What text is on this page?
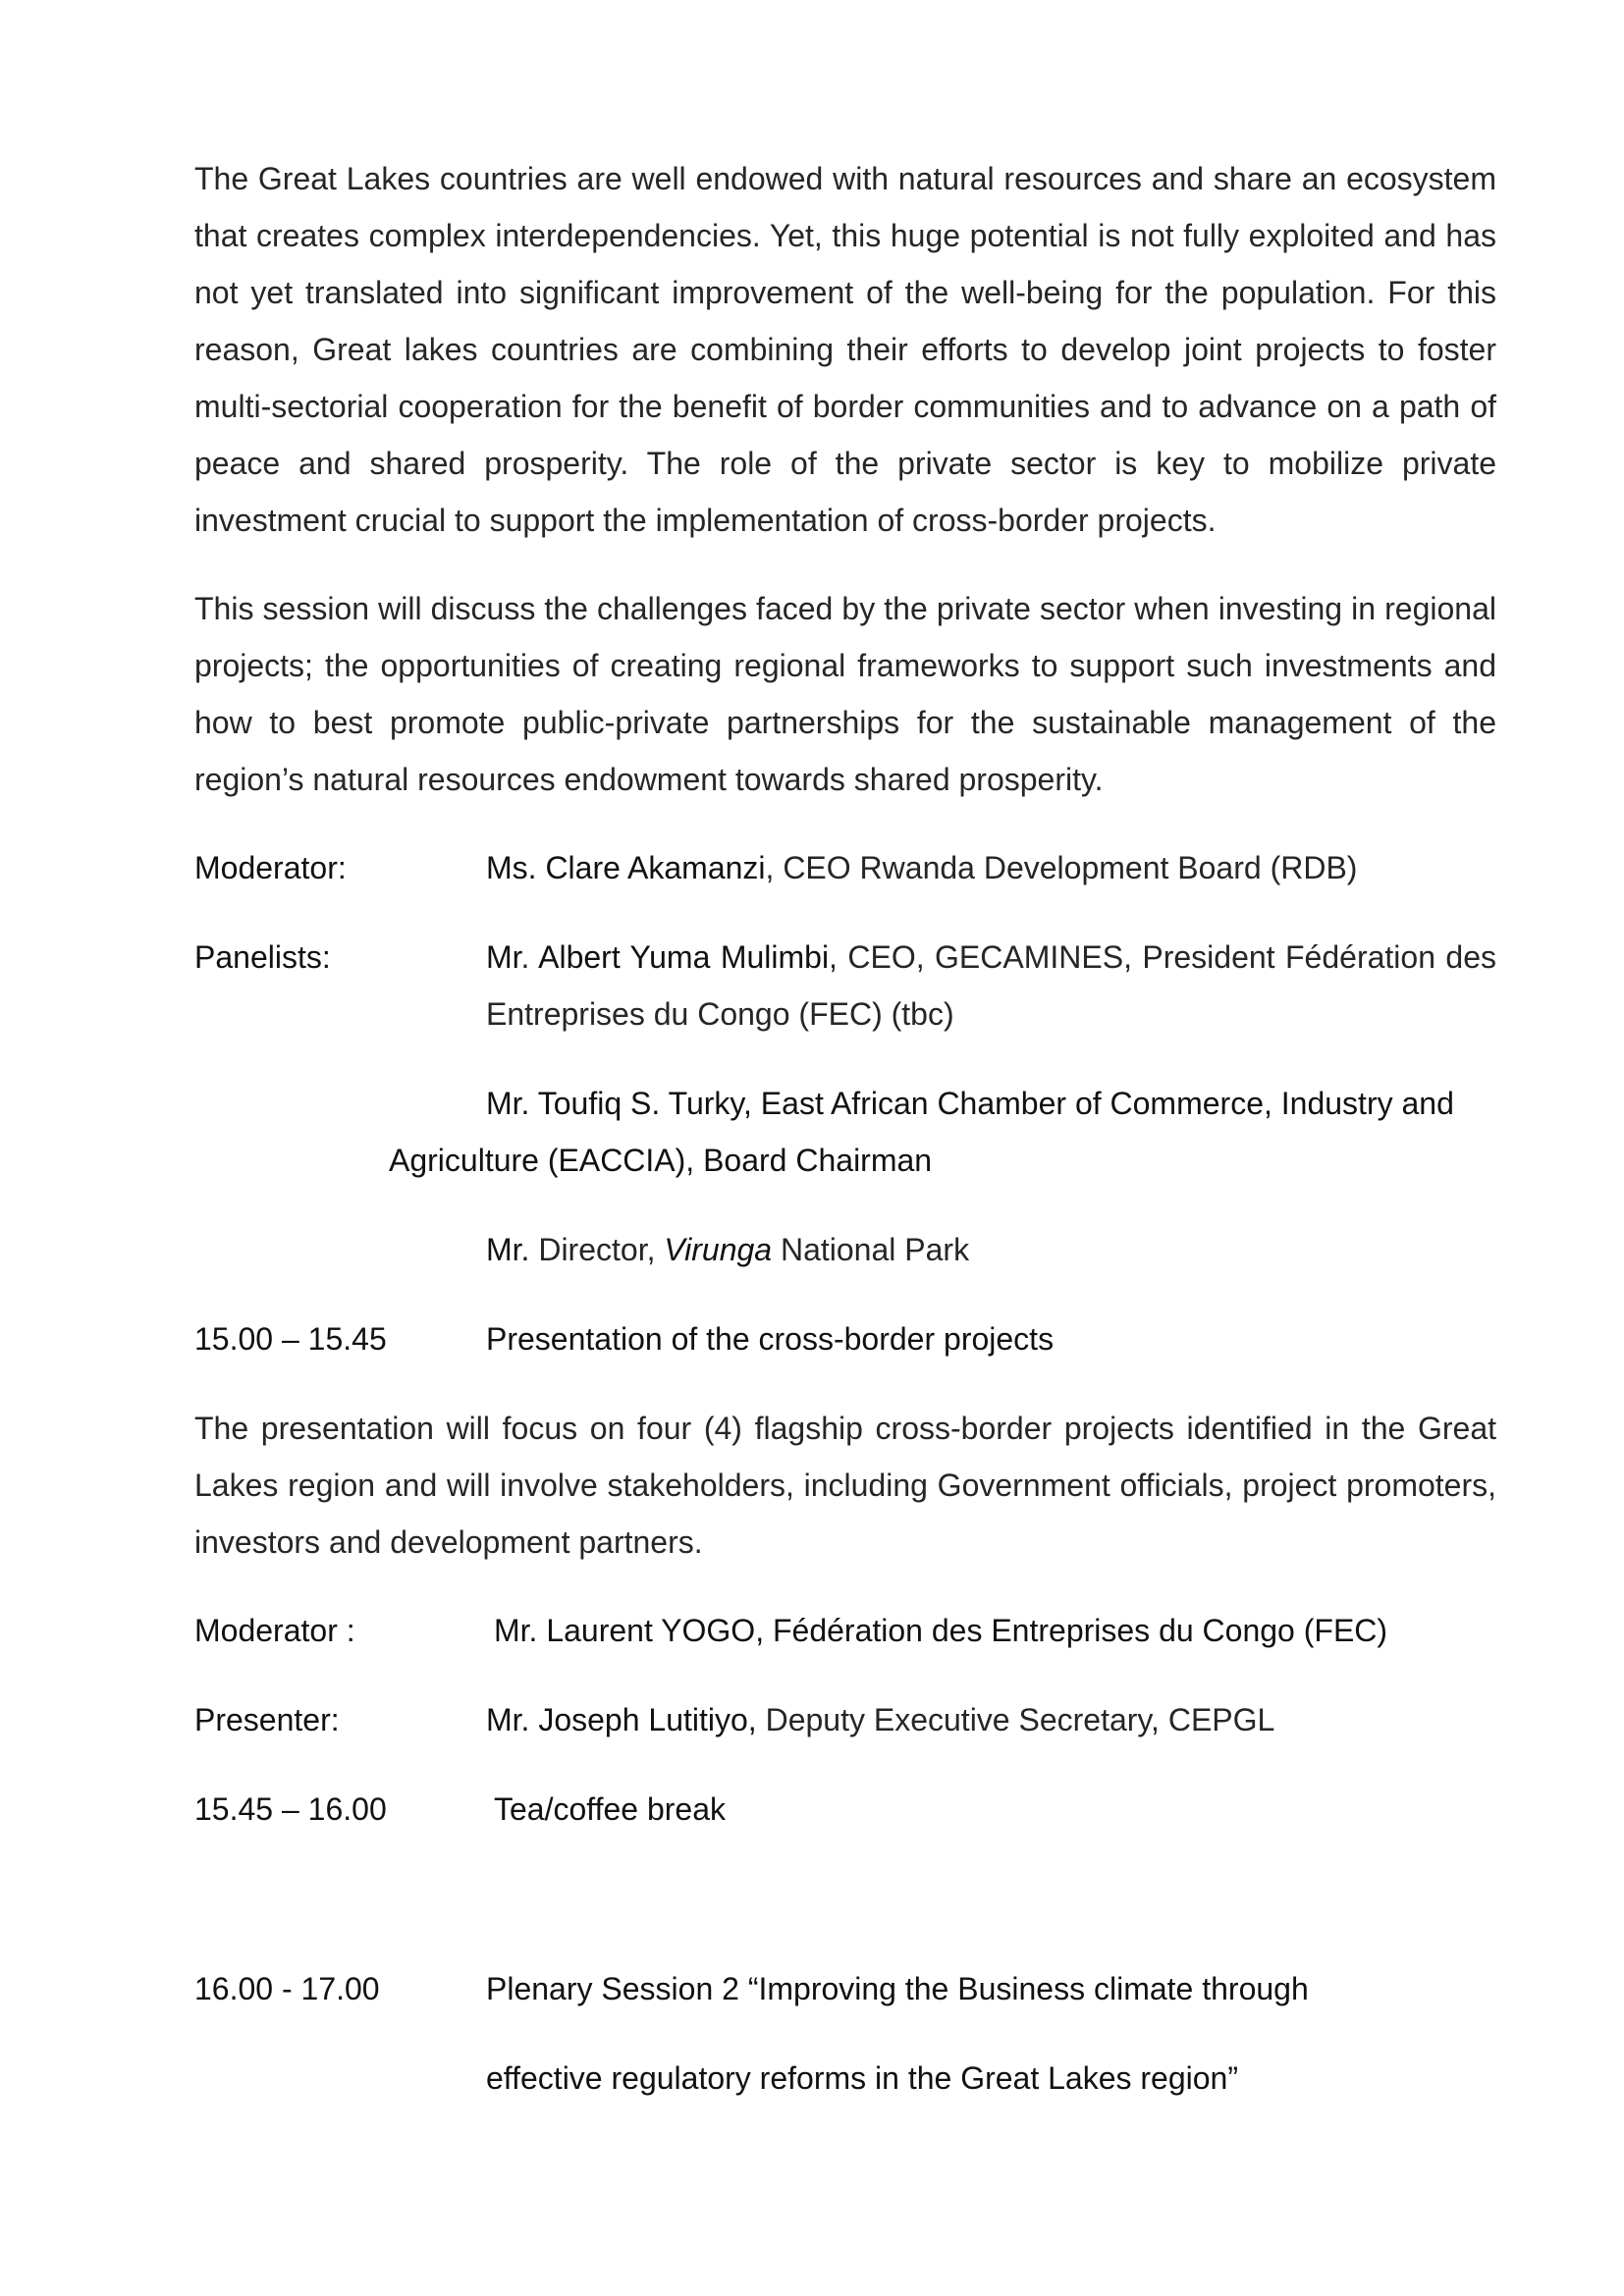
The Great Lakes countries are well endowed with natural resources and share an ecosystem that creates complex interdependencies. Yet, this huge potential is not fully exploited and has not yet translated into significant improvement of the well-being for the population. For this reason, Great lakes countries are combining their efforts to develop joint projects to foster multi-sectorial cooperation for the benefit of border communities and to advance on a path of peace and shared prosperity. The role of the private sector is key to mobilize private investment crucial to support the implementation of cross-border projects.

This session will discuss the challenges faced by the private sector when investing in regional projects; the opportunities of creating regional frameworks to support such investments and how to best promote public-private partnerships for the sustainable management of the region’s natural resources endowment towards shared prosperity.

Moderator:	Ms. Clare Akamanzi, CEO Rwanda Development Board (RDB)
Panelists:	Mr. Albert Yuma Mulimbi, CEO, GECAMINES, President Fédération des Entreprises du Congo (FEC) (tbc)
Mr. Toufiq S. Turky, East African Chamber of Commerce, Industry and
Agriculture (EACCIA), Board Chairman
Mr. Director, Virunga National Park
15.00 – 15.45	Presentation of the cross-border projects

The presentation will focus on four (4) flagship cross-border projects identified in the Great Lakes region and will involve stakeholders, including Government officials, project promoters, investors and development partners.

Moderator :	Mr. Laurent YOGO, Fédération des Entreprises du Congo (FEC)
Presenter:	Mr. Joseph Lutitiyo, Deputy Executive Secretary, CEPGL
15.45 – 16.00	Tea/coffee break
16.00 - 17.00	Plenary Session 2 “Improving the Business climate through
effective regulatory reforms in the Great Lakes region”
